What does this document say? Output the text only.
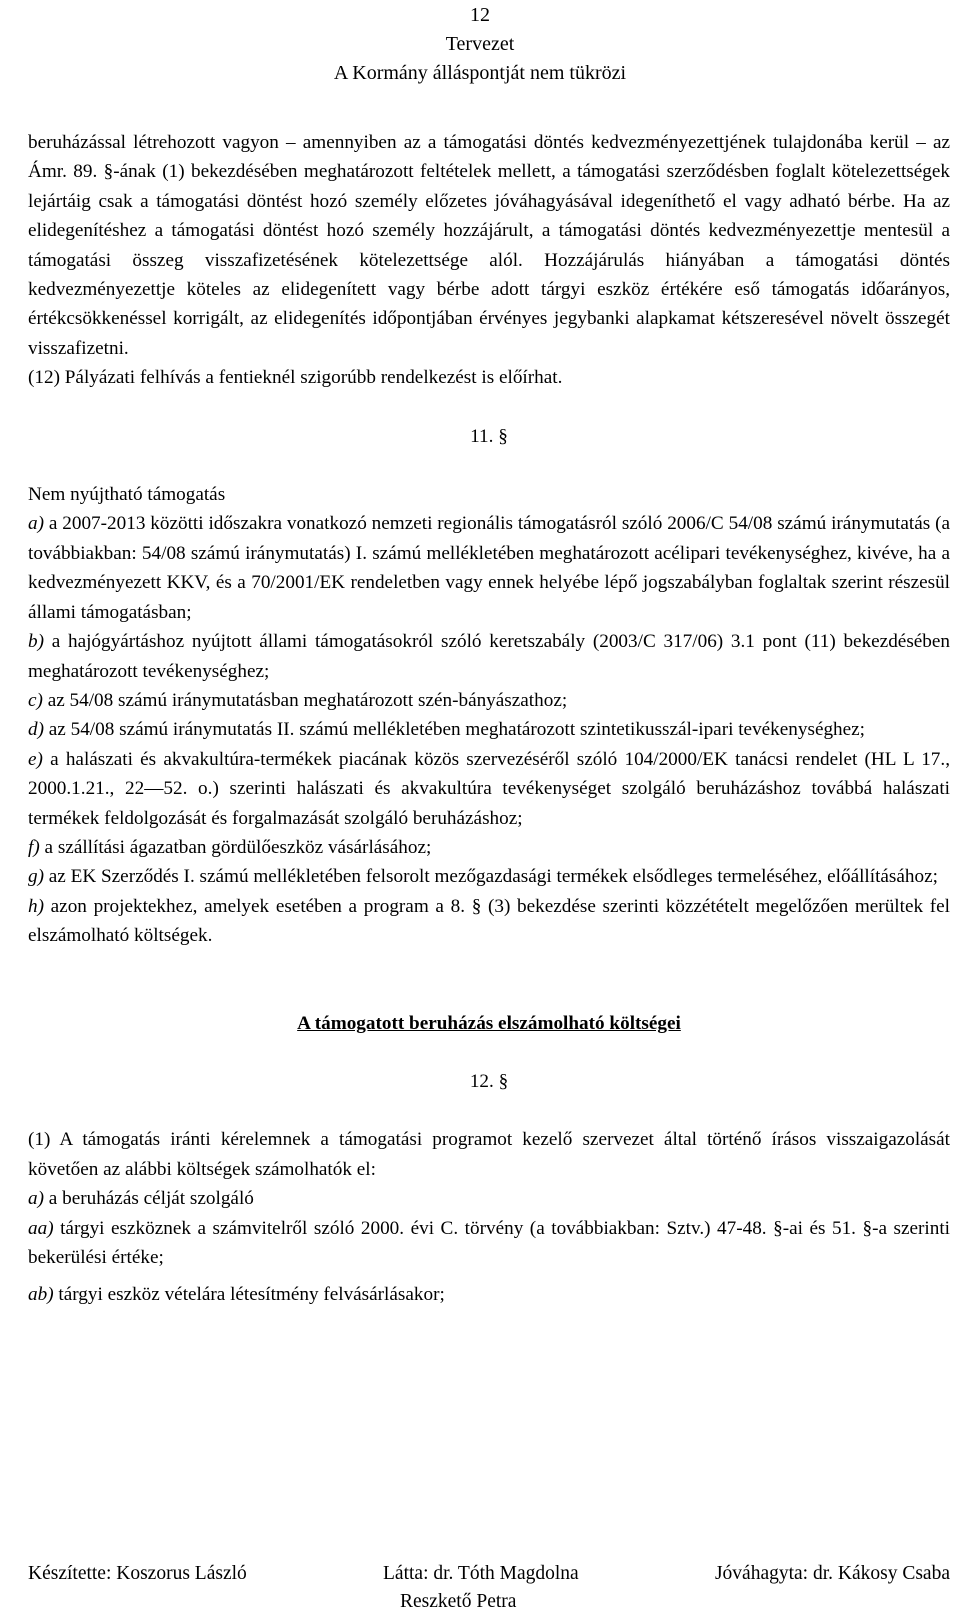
12
Tervezet
A Kormány álláspontját nem tükrözi

beruházással létrehozott vagyon – amennyiben az a támogatási döntés kedvezményezettjének tulajdonába kerül – az Ámr. 89. §-ának (1) bekezdésében meghatározott feltételek mellett, a támogatási szerződésben foglalt kötelezettségek lejártáig csak a támogatási döntést hozó személy előzetes jóváhagyásával idegeníthető el vagy adható bérbe. Ha az elidegenítéshez a támogatási döntést hozó személy hozzájárult, a támogatási döntés kedvezményezettje mentesül a támogatási összeg visszafizetésének kötelezettsége alól. Hozzájárulás hiányában a támogatási döntés kedvezményezettje köteles az elidegenített vagy bérbe adott tárgyi eszköz értékére eső támogatás időarányos, értékcsökkenéssel korrigált, az elidegenítés időpontjában érvényes jegybanki alapkamat kétszeresével növelt összegét visszafizetni.

(12) Pályázati felhívás a fentieknél szigorúbb rendelkezést is előírhat.

11. §

Nem nyújtható támogatás

a) a 2007-2013 közötti időszakra vonatkozó nemzeti regionális támogatásról szóló 2006/C 54/08 számú iránymutatás (a továbbiakban: 54/08 számú iránymutatás) I. számú mellékletében meghatározott acélipari tevékenységhez, kivéve, ha a kedvezményezett KKV, és a 70/2001/EK rendeletben vagy ennek helyébe lépő jogszabályban foglaltak szerint részesül állami támogatásban;

b) a hajógyártáshoz nyújtott állami támogatásokról szóló keretszabály (2003/C 317/06) 3.1 pont (11) bekezdésében meghatározott tevékenységhez;

c) az 54/08 számú iránymutatásban meghatározott szén-bányászathoz;

d) az 54/08 számú iránymutatás II. számú mellékletében meghatározott szintetikusszál-ipari tevékenységhez;

e) a halászati és akvakultúra-termékek piacának közös szervezéséről szóló 104/2000/EK tanácsi rendelet (HL L 17., 2000.1.21., 22—52. o.) szerinti halászati és akvakultúra tevékenységet szolgáló beruházáshoz továbbá halászati termékek feldolgozását és forgalmazását szolgáló beruházáshoz;

f) a szállítási ágazatban gördülőeszköz vásárlásához;

g) az EK Szerződés I. számú mellékletében felsorolt mezőgazdasági termékek elsődleges termeléséhez, előállításához;

h) azon projektekhez, amelyek esetében a program a 8. § (3) bekezdése szerinti közzétételt megelőzően merültek fel elszámolható költségek.

A támogatott beruházás elszámolható költségei

12. §

(1) A támogatás iránti kérelemnek a támogatási programot kezelő szervezet által történő írásos visszaigazolását követően az alábbi költségek számolhatók el:

a) a beruházás célját szolgáló

aa) tárgyi eszköznek a számvitelről szóló 2000. évi C. törvény (a továbbiakban: Sztv.) 47-48. §-ai és 51. §-a szerinti bekerülési értéke;

ab) tárgyi eszköz vételára létesítmény felvásárlásakor;

Készítette: Koszorus László	Látta: dr. Tóth Magdolna	Jóváhagyta: dr. Kákosy Csaba
Reszkető Petra
